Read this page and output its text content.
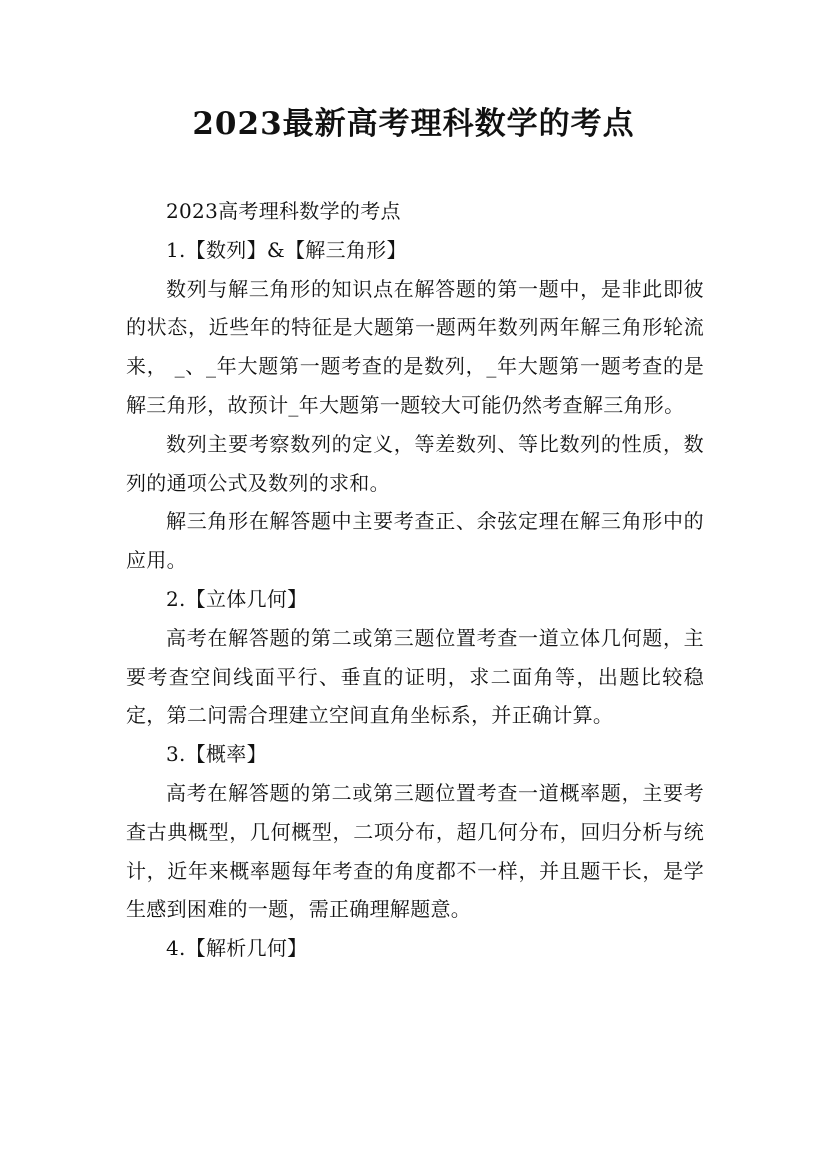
2023最新高考理科数学的考点

2023高考理科数学的考点

1.【数列】&【解三角形】

数列与解三角形的知识点在解答题的第一题中，是非此即彼的状态，近些年的特征是大题第一题两年数列两年解三角形轮流来， _、_年大题第一题考查的是数列，_年大题第一题考查的是解三角形，故预计_年大题第一题较大可能仍然考查解三角形。

数列主要考察数列的定义，等差数列、等比数列的性质，数列的通项公式及数列的求和。

解三角形在解答题中主要考查正、余弦定理在解三角形中的应用。

2.【立体几何】

高考在解答题的第二或第三题位置考查一道立体几何题，主要考查空间线面平行、垂直的证明，求二面角等，出题比较稳定，第二问需合理建立空间直角坐标系，并正确计算。

3.【概率】

高考在解答题的第二或第三题位置考查一道概率题，主要考查古典概型，几何概型，二项分布，超几何分布，回归分析与统计，近年来概率题每年考查的角度都不一样，并且题干长，是学生感到困难的一题，需正确理解题意。

4.【解析几何】
